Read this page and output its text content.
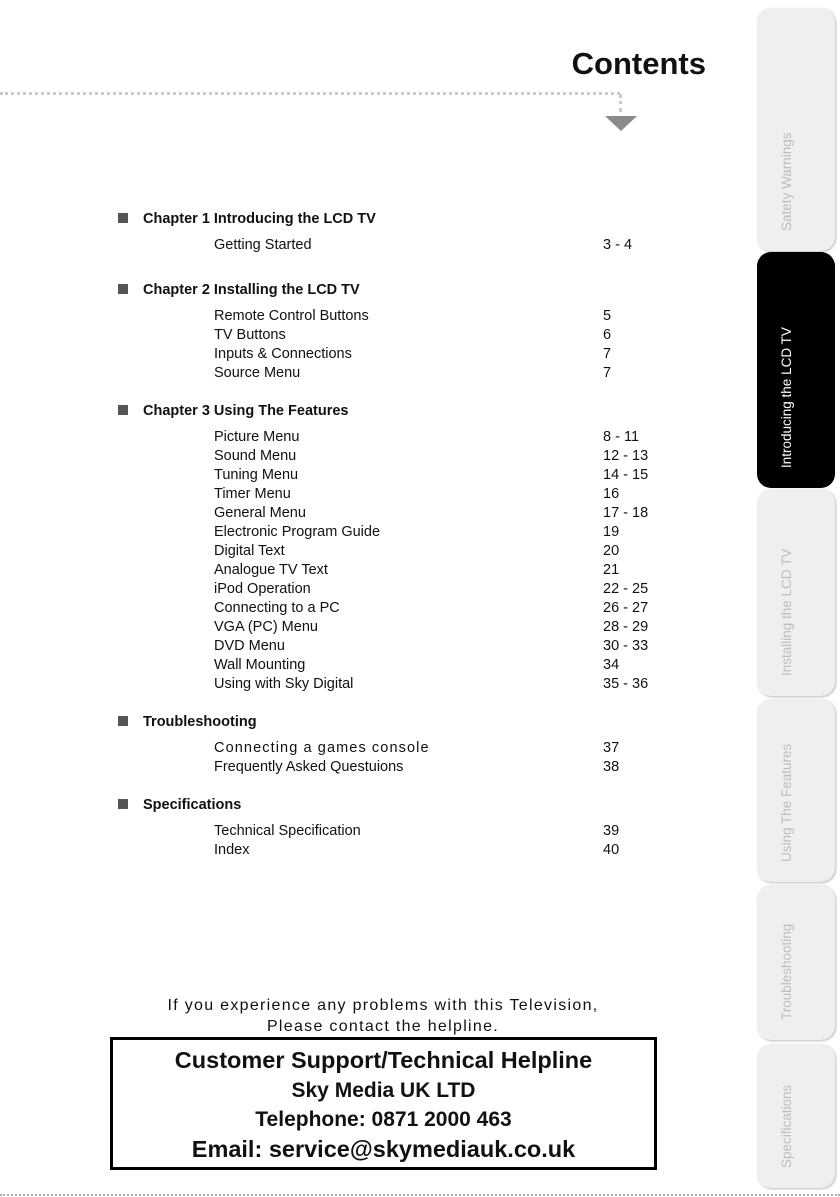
Contents
Chapter 1 Introducing the LCD TV
Getting Started	3 - 4
Chapter 2 Installing the LCD TV
Remote Control Buttons	5
TV Buttons	6
Inputs & Connections	7
Source Menu	7
Chapter 3 Using The Features
Picture Menu	8 - 11
Sound Menu	12 - 13
Tuning Menu	14 - 15
Timer Menu	16
General Menu	17 - 18
Electronic Program Guide	19
Digital Text	20
Analogue TV Text	21
iPod Operation	22 - 25
Connecting to a PC	26 - 27
VGA (PC) Menu	28 - 29
DVD Menu	30 - 33
Wall Mounting	34
Using with Sky Digital	35 - 36
Troubleshooting
Connecting a games console	37
Frequently Asked Questuions	38
Specifications
Technical Specification	39
Index	40
If you experience any problems with this Television,
Please contact the helpline.
Customer Support/Technical Helpline
Sky Media UK LTD
Telephone: 0871 2000 463
Email: service@skymediauk.co.uk
Satety Warnings
Introducing the LCD TV
Installing the LCD TV
Using The Features
Troubleshooting
Specifications
